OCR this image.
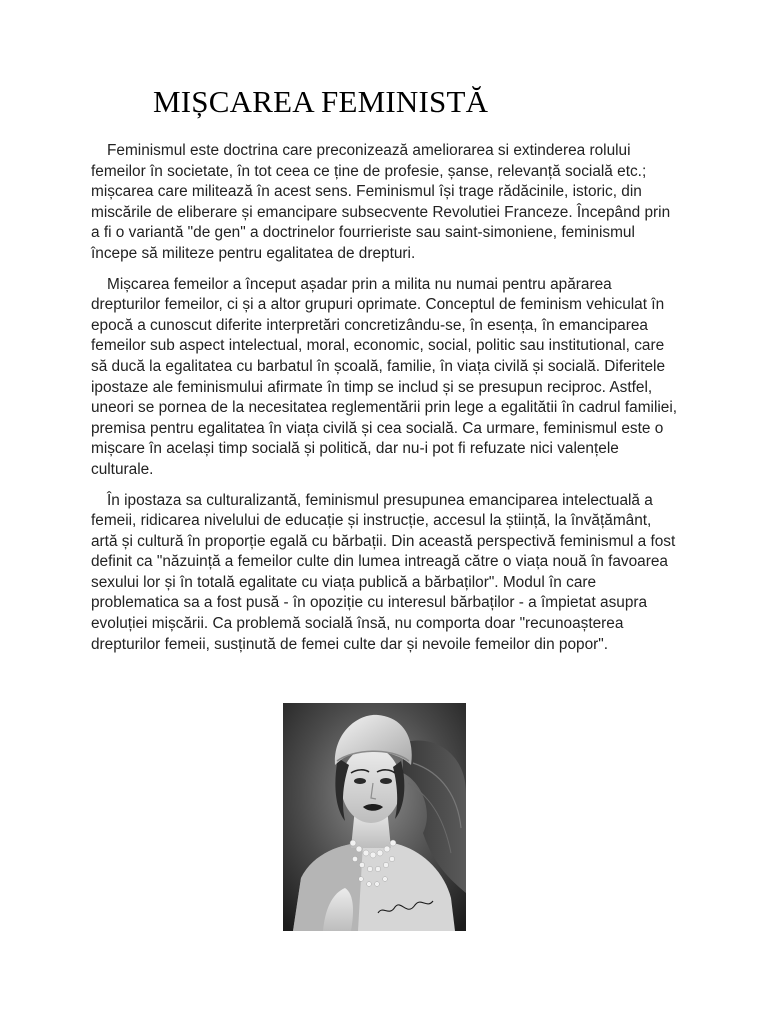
MIȘCAREA FEMINISTĂ

Feminismul este doctrina care preconizează ameliorarea si extinderea rolului femeilor în societate, în tot ceea ce ține de profesie, șanse, relevanță socială etc.; mișcarea care militează în acest sens. Feminismul își trage rădăcinile, istoric, din miscările de eliberare și emancipare subsecvente Revolutiei Franceze. Începând prin a fi o variantă "de gen" a doctrinelor fourrieriste sau saint-simoniene, feminismul începe să militeze pentru egalitatea de drepturi.

Mișcarea femeilor a început așadar prin a milita nu numai pentru apărarea drepturilor femeilor, ci și a altor grupuri oprimate. Conceptul de feminism vehiculat în epocă a cunoscut diferite interpretări concretizându-se, în esența, în emanciparea femeilor sub aspect intelectual, moral, economic, social, politic sau institutional, care să ducă la egalitatea cu barbatul în școală, familie, în viața civilă și socială. Diferitele ipostaze ale feminismului afirmate în timp se includ și se presupun reciproc. Astfel, uneori se pornea de la necesitatea reglementării prin lege a egalitătii în cadrul familiei, premisa pentru egalitatea în viața civilă și cea socială. Ca urmare, feminismul este o mișcare în același timp socială și politică, dar nu-i pot fi refuzate nici valențele culturale.

În ipostaza sa culturalizantă, feminismul presupunea emanciparea intelectuală a femeii, ridicarea nivelului de educație și instrucție, accesul la știință, la învățământ, artă și cultură în proporție egală cu bărbații. Din această perspectivă feminismul a fost definit ca "năzuință a femeilor culte din lumea intreagă către o viața nouă în favoarea sexului lor și în totală egalitate cu viața publică a bărbaților". Modul în care problematica sa a fost pusă - în opoziție cu interesul bărbaților - a împietat asupra evoluției mișcării. Ca problemă socială însă, nu comporta doar "recunoașterea drepturilor femeii, susținută de femei culte dar și nevoile femeilor din popor".
